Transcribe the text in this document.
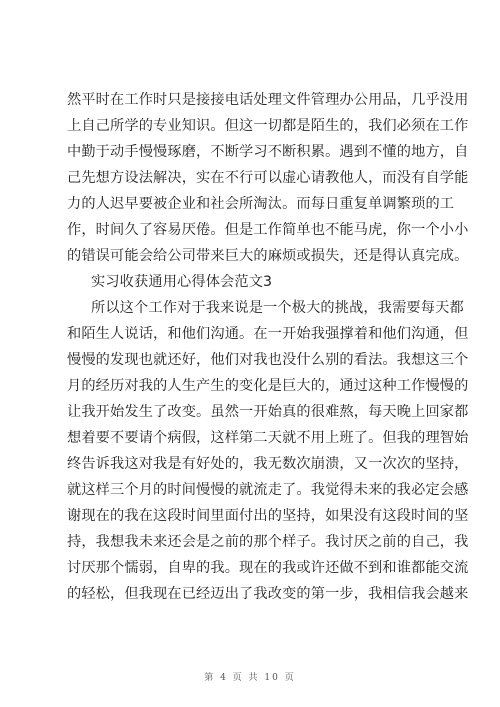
然平时在工作时只是接接电话处理文件管理办公用品，几乎没用
上自己所学的专业知识。但这一切都是陌生的，我们必须在工作
中勤于动手慢慢琢磨，不断学习不断积累。遇到不懂的地方，自
己先想方设法解决，实在不行可以虚心请教他人，而没有自学能
力的人迟早要被企业和社会所淘汰。而每日重复单调繁琐的工
作，时间久了容易厌倦。但是工作简单也不能马虎，你一个小小
的错误可能会给公司带来巨大的麻烦或损失，还是得认真完成。
实习收获通用心得体会范文3
所以这个工作对于我来说是一个极大的挑战，我需要每天都
和陌生人说话，和他们沟通。在一开始我强撑着和他们沟通，但
慢慢的发现也就还好，他们对我也没什么别的看法。我想这三个
月的经历对我的人生产生的变化是巨大的，通过这种工作慢慢的
让我开始发生了改变。虽然一开始真的很难熬，每天晚上回家都
想着要不要请个病假，这样第二天就不用上班了。但我的理智始
终告诉我这对我是有好处的，我无数次崩溃，又一次次的坚持，
就这样三个月的时间慢慢的就流走了。我觉得未来的我必定会感
谢现在的我在这段时间里面付出的坚持，如果没有这段时间的坚
持，我想我未来还会是之前的那个样子。我讨厌之前的自己，我
讨厌那个懦弱，自卑的我。现在的我或许还做不到和谁都能交流
的轻松，但我现在已经迈出了我改变的第一步，我相信我会越来
第 4 页 共 10 页
